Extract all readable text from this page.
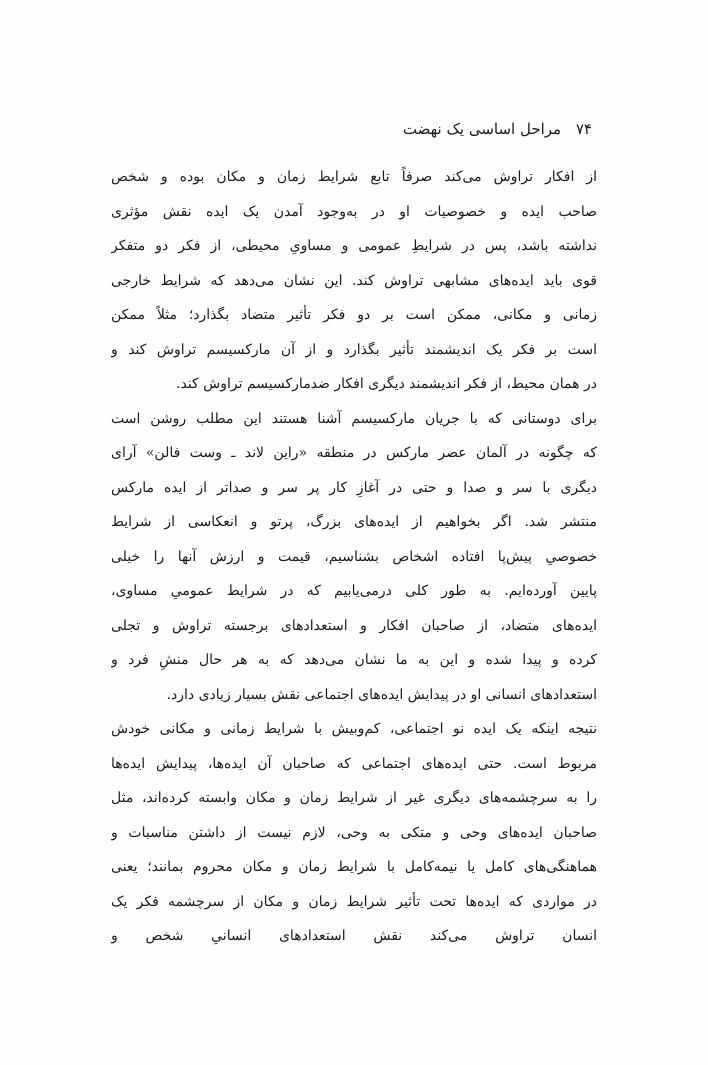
۷۴ مراحل اساسی یک نهضت
از افکار تراوش می‌کند صرفاً تابع شرایط زمان و مکان بوده و شخص
صاحب ایده و خصوصیات او در به‌وجود آمدن یک ایده نقش مؤثری
نداشته باشد، پس در شرایطِ عمومی و مساویِ محیطی، از فکر دو متفکر
قوی باید ایده‌های مشابهی تراوش کند. این نشان می‌دهد که شرایط خارجی
زمانی و مکانی، ممکن است بر دو فکر تأثیر متضاد بگذارد؛ مثلاً ممکن
است بر فکر یک اندیشمند تأثیر بگذارد و از آن مارکسیسم تراوش کند و
در همان محیط، از فکر اندیشمند دیگری افکار ضدمارکسیسم تراوش کند.
برای دوستانی که با جریان مارکسیسم آشنا هستند این مطلب روشن است
که چگونه در آلمان عصر مارکس در منطقه «راین لاند ـ وست فالن» آرای
دیگری با سر و صدا و حتی در آغازِ کار پر سر و صداتر از ایده مارکس
منتشر شد. اگر بخواهیم از ایده‌های بزرگ، پرتو و انعکاسی از شرایط
خصوصیِ پیش‌پا افتاده اشخاص بشناسیم، قیمت و ارزش آنها را خیلی
پایین آورده‌ایم. به طور کلی درمی‌یابیم که در شرایط عمومیِ مساوی،
ایده‌های متضاد، از صاحبان افکار و استعدادهای برجسته تراوش و تجلی
کرده و پیدا شده و این به ما نشان می‌دهد که به هر حال منشِ فرد و
استعدادهای انسانی او در پیدایش ایده‌های اجتماعی نقش بسیار زیادی دارد.
نتیجه اینکه یک ایده نو اجتماعی، کم‌وبیش با شرایط زمانی و مکانی خودش
مربوط است. حتی ایده‌های اجتماعی که صاحبان آن ایده‌ها، پیدایش ایده‌ها
را به سرچشمه‌های دیگری غیر از شرایط زمان و مکان وابسته کرده‌اند، مثل
صاحبان ایده‌های وحی و متکی به وحی، لازم نیست از داشتن مناسبات و
هماهنگی‌های کامل یا نیمه‌کامل با شرایط زمان و مکان محروم بمانند؛ یعنی
در مواردی که ایده‌ها تحت تأثیر شرایط زمان و مکان از سرچشمه فکر یک
انسان تراوش می‌کند نقش استعدادهای انسانیِ شخص و
